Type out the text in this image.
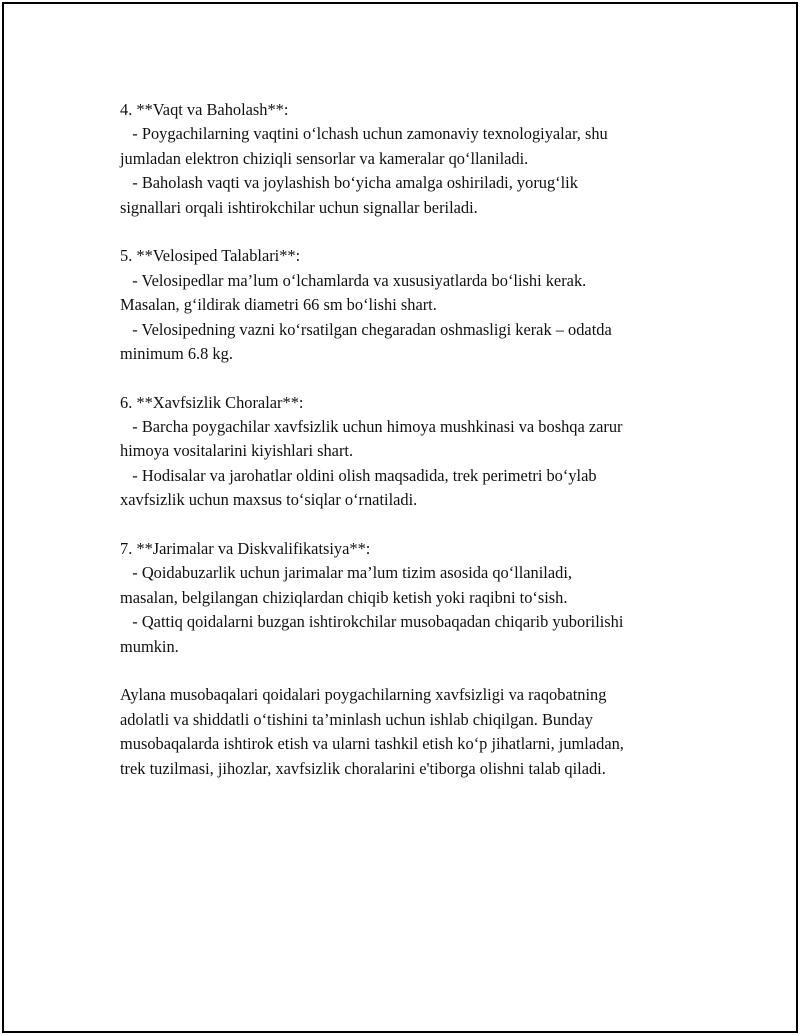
4. **Vaqt va Baholash**:
- Poygachilarning vaqtini o‘lchash uchun zamonaviy texnologiyalar, shu
jumladan elektron chiziqli sensorlar va kameralar qo‘llaniladi.
- Baholash vaqti va joylashish bo‘yicha amalga oshiriladi, yorug‘lik
signallari orqali ishtirokchilar uchun signallar beriladi.
5. **Velosiped Talablari**:
- Velosipedlar ma’lum o‘lchamlarda va xususiyatlarda bo‘lishi kerak.
Masalan, g‘ildirak diametri 66 sm bo‘lishi shart.
- Velosipedning vazni ko‘rsatilgan chegaradan oshmasligi kerak – odatda
minimum 6.8 kg.
6. **Xavfsizlik Choralar**:
- Barcha poygachilar xavfsizlik uchun himoya mushkinasi va boshqa zarur
himoya vositalarini kiyishlari shart.
- Hodisalar va jarohatlar oldini olish maqsadida, trek perimetri bo‘ylab
xavfsizlik uchun maxsus to‘siqlar o‘rnatiladi.
7. **Jarimalar va Diskvalifikatsiya**:
- Qoidabuzarlik uchun jarimalar ma’lum tizim asosida qo‘llaniladi,
masalan, belgilangan chiziqlardan chiqib ketish yoki raqibni to‘sish.
- Qattiq qoidalarni buzgan ishtirokchilar musobaqadan chiqarib yuborilishi
mumkin.
Aylana musobaqalari qoidalari poygachilarning xavfsizligi va raqobatning
adolatli va shiddatli o‘tishini ta’minlash uchun ishlab chiqilgan. Bunday
musobaqalarda ishtirok etish va ularni tashkil etish ko‘p jihatlarni, jumladan,
trek tuzilmasi, jihozlar, xavfsizlik choralarini e'tiborga olishni talab qiladi.
